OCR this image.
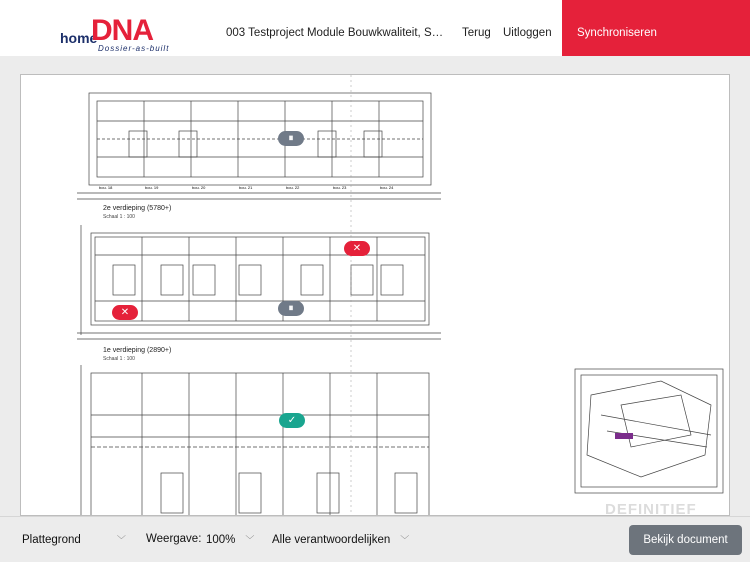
home
DNA
Dossier-as-built
003 Testproject Module Bouwkwaliteit, S… Terug Uitloggen	Synchroniseren
2e verdieping (5780+)
Schaal 1 : 100
1e verdieping (2890+)
Schaal 1 : 100
bou. 18	bou. 19	bou. 20	bou. 21	bou. 22	bou. 23	bou. 24
DEFINITIEF
⏸
✕
✕	⏸
✓
Plattegrond	﹀ Weergave: 100% ﹀ Alle verantwoordelijken ﹀	Bekijk document
